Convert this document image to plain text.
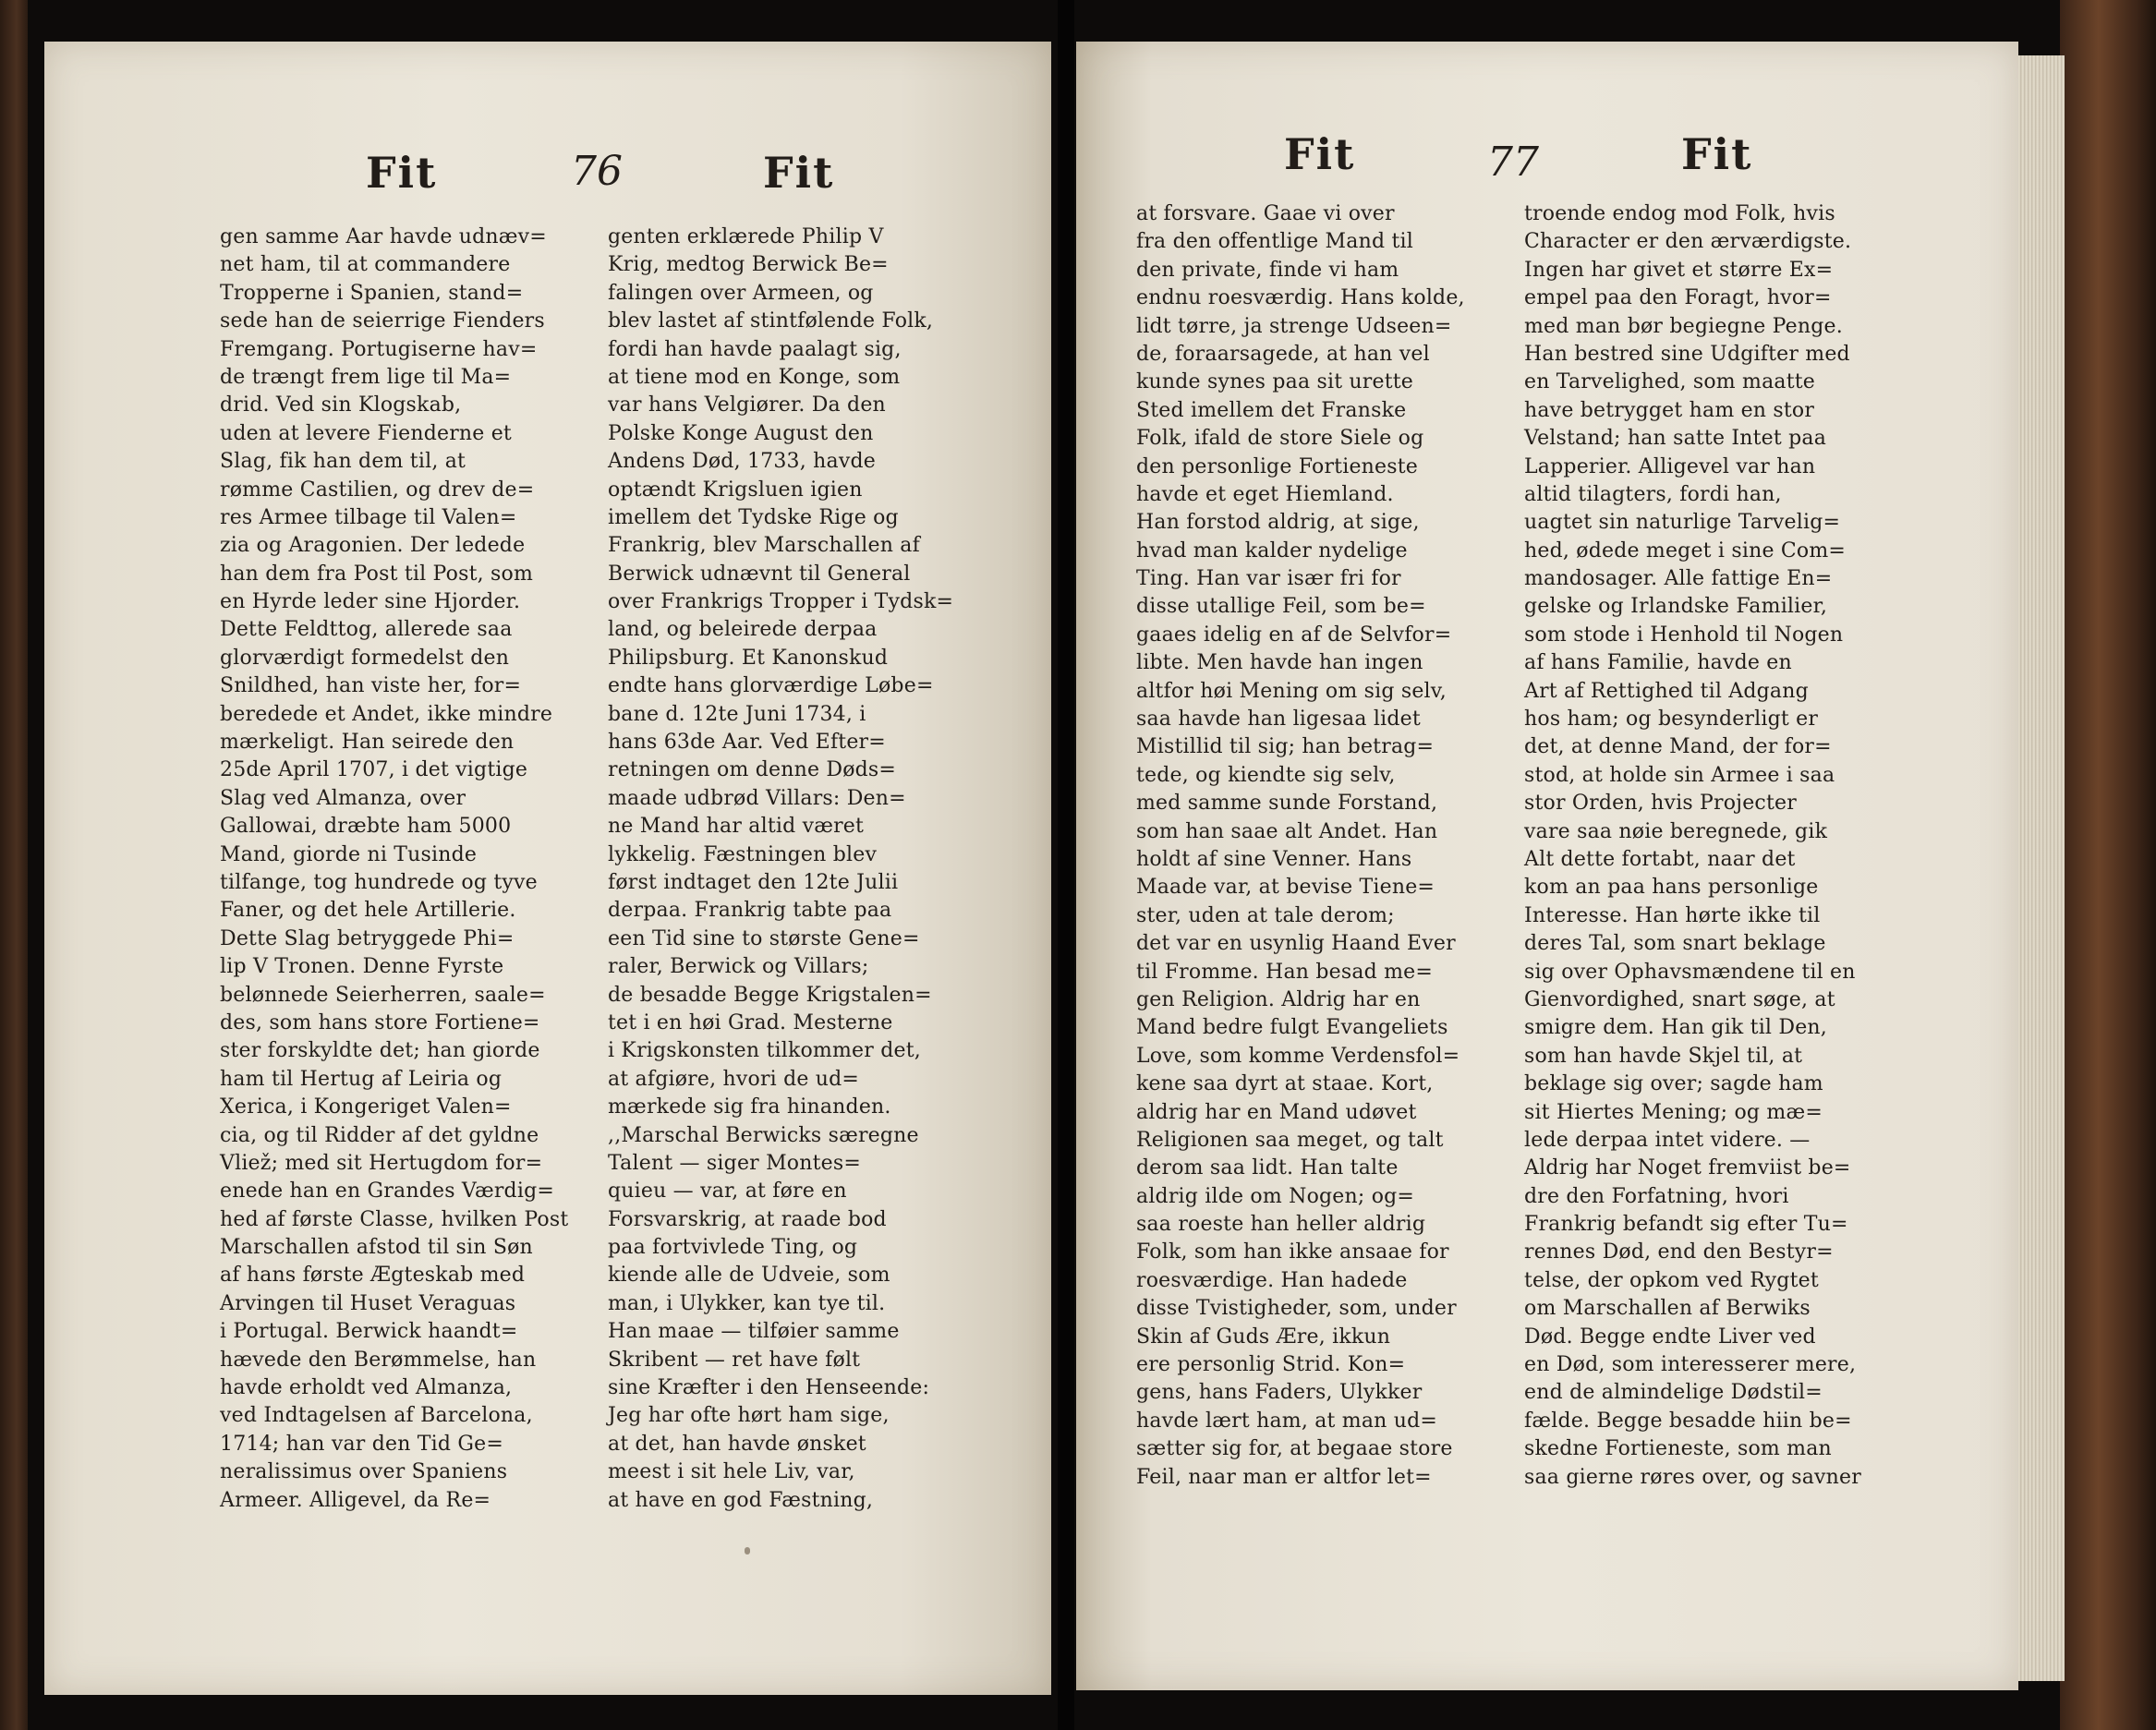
Fit	76	Fit
gen samme Aar havde udnæv=
net ham, til at commandere
Tropperne i Spanien, stand=
sede han de seierrige Fienders
Fremgang. Portugiserne hav=
de trængt frem lige til Ma=
drid. Ved sin Klogskab,
uden at levere Fienderne et
Slag, fik han dem til, at
rømme Castilien, og drev de=
res Armee tilbage til Valen=
zia og Aragonien. Der ledede
han dem fra Post til Post, som
en Hyrde leder sine Hjorder.
Dette Feldttog, allerede saa
glorværdigt formedelst den
Snildhed, han viste her, for=
beredede et Andet, ikke mindre
mærkeligt. Han seirede den
25de April 1707, i det vigtige
Slag ved Almanza, over
Gallowai, dræbte ham 5000
Mand, giorde ni Tusinde
tilfange, tog hundrede og tyve
Faner, og det hele Artillerie.
Dette Slag betryggede Phi=
lip V Tronen. Denne Fyrste
belønnede Seierherren, saale=
des, som hans store Fortiene=
ster forskyldte det; han giorde
ham til Hertug af Leiria og
Xerica, i Kongeriget Valen=
cia, og til Ridder af det gyldne
Vliež; med sit Hertugdom for=
enede han en Grandes Værdig=
hed af første Classe, hvilken Post
Marschallen afstod til sin Søn
af hans første Ægteskab med
Arvingen til Huset Veraguas
i Portugal. Berwick haandt=
hævede den Berømmelse, han
havde erholdt ved Almanza,
ved Indtagelsen af Barcelona,
1714; han var den Tid Ge=
neralissimus over Spaniens
Armeer. Alligevel, da Re=
genten erklærede Philip V
Krig, medtog Berwick Be=
falingen over Armeen, og
blev lastet af stintfølende Folk,
fordi han havde paalagt sig,
at tiene mod en Konge, som
var hans Velgiører. Da den
Polske Konge August den
Andens Død, 1733, havde
optændt Krigsluen igien
imellem det Tydske Rige og
Frankrig, blev Marschallen af
Berwick udnævnt til General
over Frankrigs Tropper i Tydsk=
land, og beleirede derpaa
Philipsburg. Et Kanonskud
endte hans glorværdige Løbe=
bane d. 12te Juni 1734, i
hans 63de Aar. Ved Efter=
retningen om denne Døds=
maade udbrød Villars: Den=
ne Mand har altid været
lykkelig. Fæstningen blev
først indtaget den 12te Julii
derpaa. Frankrig tabte paa
een Tid sine to største Gene=
raler, Berwick og Villars;
de besadde Begge Krigstalen=
tet i en høi Grad. Mesterne
i Krigskonsten tilkommer det,
at afgiøre, hvori de ud=
mærkede sig fra hinanden.
,,Marschal Berwicks særegne
Talent — siger Montes=
quieu — var, at føre en
Forsvarskrig, at raade bod
paa fortvivlede Ting, og
kiende alle de Udveie, som
man, i Ulykker, kan tye til.
Han maae — tilføier samme
Skribent — ret have følt
sine Kræfter i den Henseende:
Jeg har ofte hørt ham sige,
at det, han havde ønsket
meest i sit hele Liv, var,
at have en god Fæstning,
Fit	77	Fit
at forsvare. Gaae vi over
fra den offentlige Mand til
den private, finde vi ham
endnu roesværdig. Hans kolde,
lidt tørre, ja strenge Udseen=
de, foraarsagede, at han vel
kunde synes paa sit urette
Sted imellem det Franske
Folk, ifald de store Siele og
den personlige Fortieneste
havde et eget Hiemland.
Han forstod aldrig, at sige,
hvad man kalder nydelige
Ting. Han var især fri for
disse utallige Feil, som be=
gaaes idelig en af de Selvfor=
libte. Men havde han ingen
altfor høi Mening om sig selv,
saa havde han ligesaa lidet
Mistillid til sig; han betrag=
tede, og kiendte sig selv,
med samme sunde Forstand,
som han saae alt Andet. Han
holdt af sine Venner. Hans
Maade var, at bevise Tiene=
ster, uden at tale derom;
det var en usynlig Haand Ever
til Fromme. Han besad me=
gen Religion. Aldrig har en
Mand bedre fulgt Evangeliets
Love, som komme Verdensfol=
kene saa dyrt at staae. Kort,
aldrig har en Mand udøvet
Religionen saa meget, og talt
derom saa lidt. Han talte
aldrig ilde om Nogen; og=
saa roeste han heller aldrig
Folk, som han ikke ansaae for
roesværdige. Han hadede
disse Tvistigheder, som, under
Skin af Guds Ære, ikkun
ere personlig Strid. Kon=
gens, hans Faders, Ulykker
havde lært ham, at man ud=
sætter sig for, at begaae store
Feil, naar man er altfor let=
troende endog mod Folk, hvis
Character er den ærværdigste.
Ingen har givet et større Ex=
empel paa den Foragt, hvor=
med man bør begiegne Penge.
Han bestred sine Udgifter med
en Tarvelighed, som maatte
have betrygget ham en stor
Velstand; han satte Intet paa
Lapperier. Alligevel var han
altid tilagters, fordi han,
uagtet sin naturlige Tarvelig=
hed, ødede meget i sine Com=
mandosager. Alle fattige En=
gelske og Irlandske Familier,
som stode i Henhold til Nogen
af hans Familie, havde en
Art af Rettighed til Adgang
hos ham; og besynderligt er
det, at denne Mand, der for=
stod, at holde sin Armee i saa
stor Orden, hvis Projecter
vare saa nøie beregnede, gik
Alt dette fortabt, naar det
kom an paa hans personlige
Interesse. Han hørte ikke til
deres Tal, som snart beklage
sig over Ophavsmændene til en
Gienvordighed, snart søge, at
smigre dem. Han gik til Den,
som han havde Skjel til, at
beklage sig over; sagde ham
sit Hiertes Mening; og mæ=
lede derpaa intet videre. —
Aldrig har Noget fremviist be=
dre den Forfatning, hvori
Frankrig befandt sig efter Tu=
rennes Død, end den Bestyr=
telse, der opkom ved Rygtet
om Marschallen af Berwiks
Død. Begge endte Liver ved
en Død, som interesserer mere,
end de almindelige Dødstil=
fælde. Begge besadde hiin be=
skedne Fortieneste, som man
saa gierne røres over, og savner
